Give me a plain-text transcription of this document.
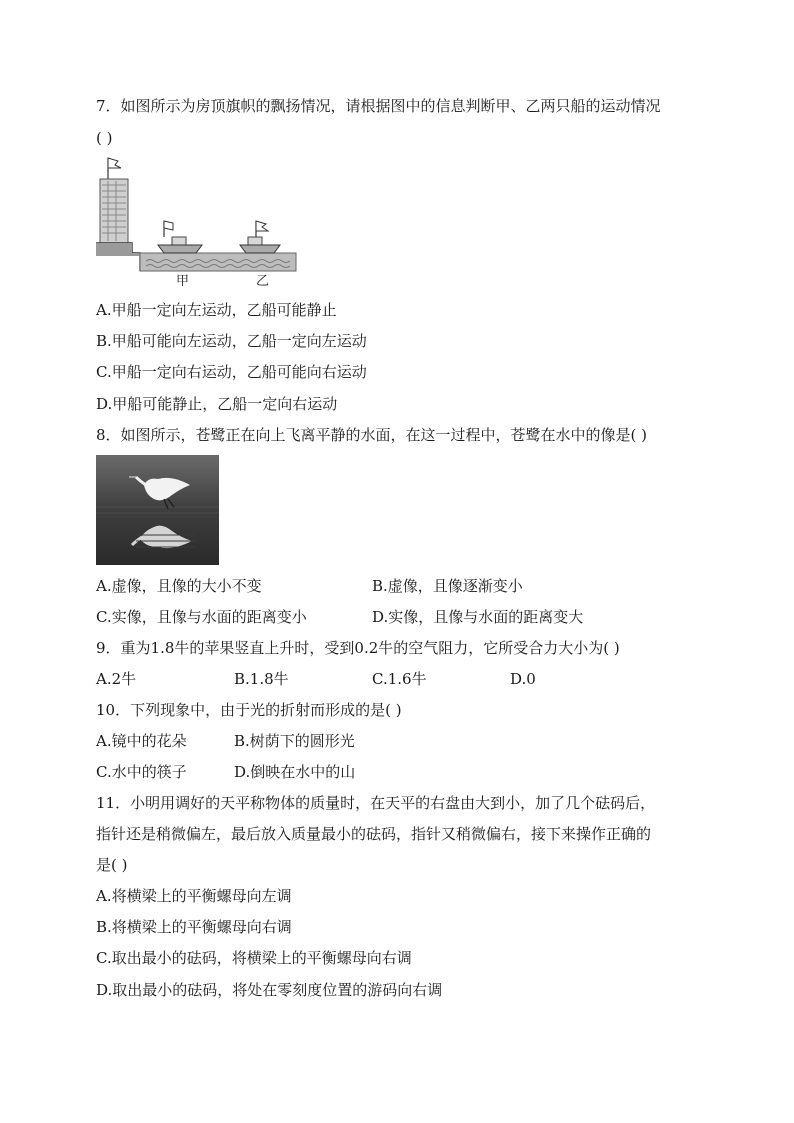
7．如图所示为房顶旗帜的飘扬情况，请根据图中的信息判断甲、乙两只船的运动情况
( )
甲	乙
A.甲船一定向左运动，乙船可能静止
B.甲船可能向左运动，乙船一定向左运动
C.甲船一定向右运动，乙船可能向右运动
D.甲船可能静止，乙船一定向右运动
8．如图所示，苍鹭正在向上飞离平静的水面，在这一过程中，苍鹭在水中的像是( )
A.虚像，且像的大小不变	B.虚像，且像逐渐变小
C.实像，且像与水面的距离变小	D.实像，且像与水面的距离变大
9．重为1.8牛的苹果竖直上升时，受到0.2牛的空气阻力，它所受合力大小为( )
A.2牛	B.1.8牛	C.1.6牛	D.0
10．下列现象中，由于光的折射而形成的是( )
A.镜中的花朵	B.树荫下的圆形光
C.水中的筷子	D.倒映在水中的山
11．小明用调好的天平称物体的质量时，在天平的右盘由大到小，加了几个砝码后，
指针还是稍微偏左，最后放入质量最小的砝码，指针又稍微偏右，接下来操作正确的
是( )
A.将横梁上的平衡螺母向左调
B.将横梁上的平衡螺母向右调
C.取出最小的砝码，将横梁上的平衡螺母向右调
D.取出最小的砝码，将处在零刻度位置的游码向右调
